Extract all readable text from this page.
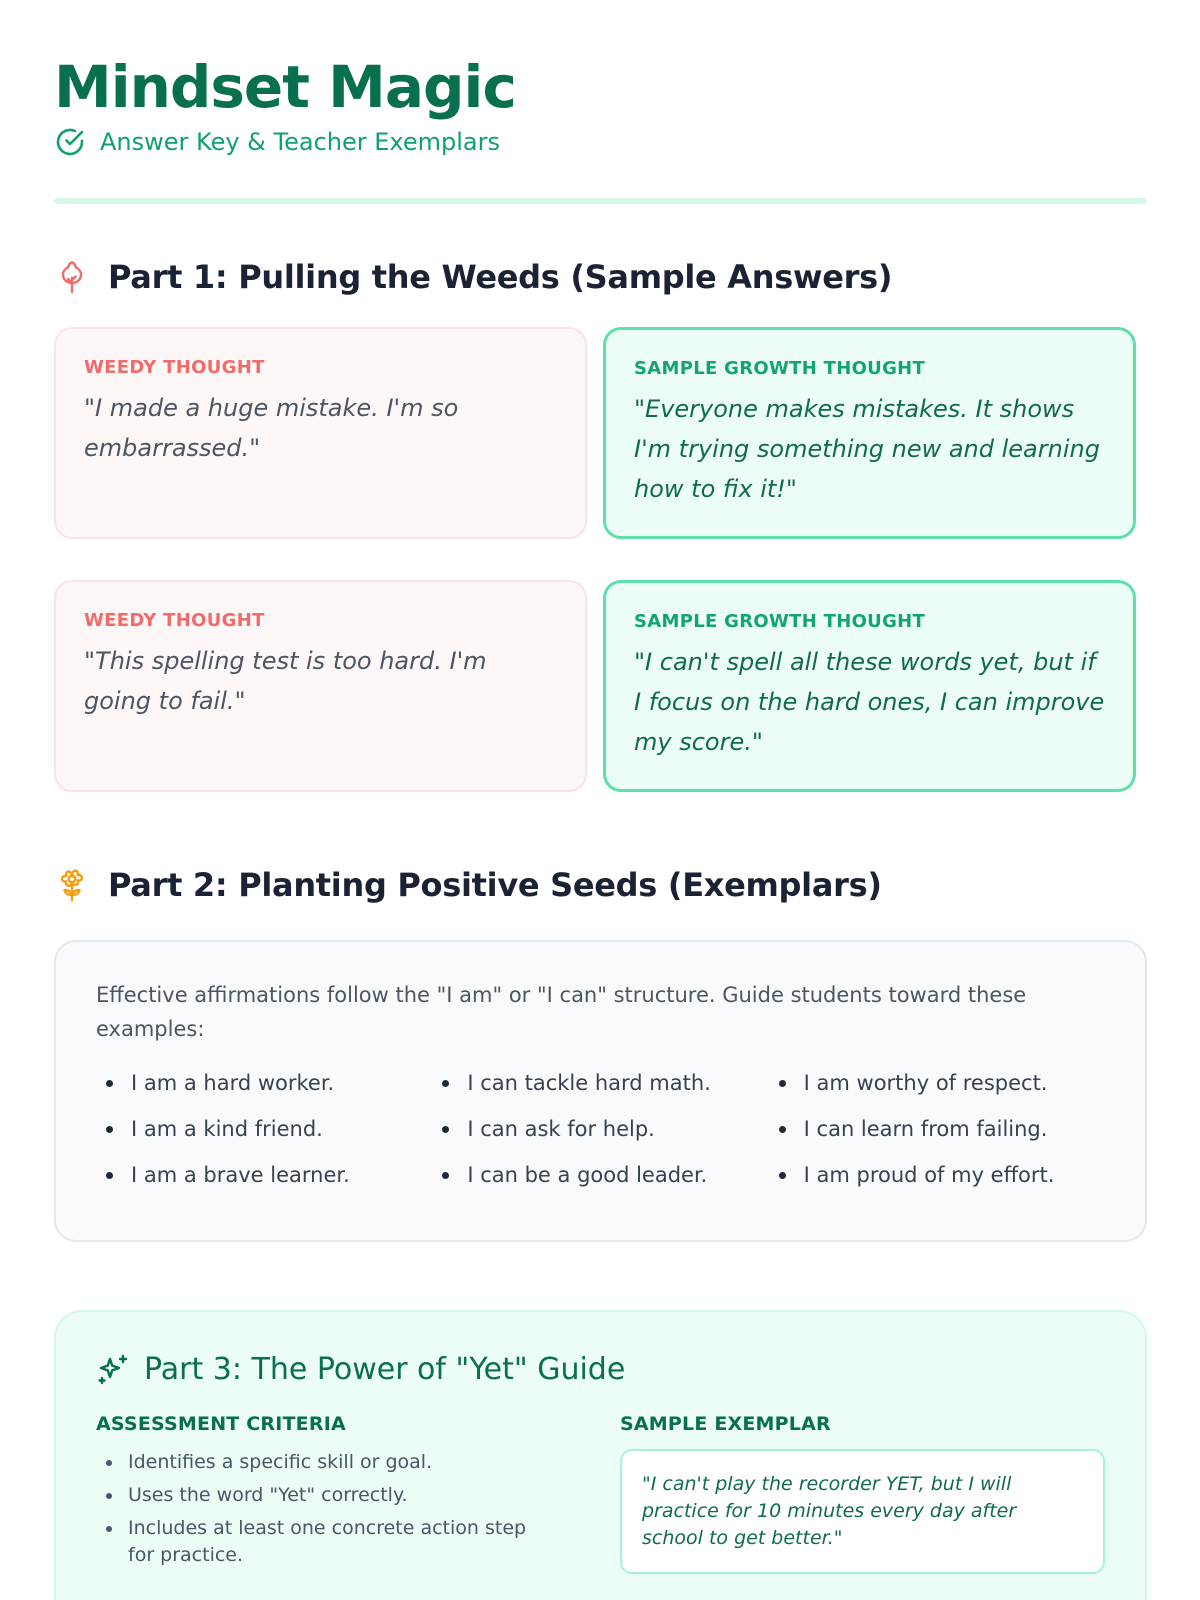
Mindset Magic
Answer Key & Teacher Exemplars
Part 1: Pulling the Weeds (Sample Answers)
WEEDY THOUGHT
"I made a huge mistake. I'm so embarrassed."
SAMPLE GROWTH THOUGHT
"Everyone makes mistakes. It shows I'm trying something new and learning how to fix it!"
WEEDY THOUGHT
"This spelling test is too hard. I'm going to fail."
SAMPLE GROWTH THOUGHT
"I can't spell all these words yet, but if I focus on the hard ones, I can improve my score."
Part 2: Planting Positive Seeds (Exemplars)
Effective affirmations follow the "I am" or "I can" structure. Guide students toward these examples:
I am a hard worker.
I am a kind friend.
I am a brave learner.
I can tackle hard math.
I can ask for help.
I can be a good leader.
I am worthy of respect.
I can learn from failing.
I am proud of my effort.
Part 3: The Power of "Yet" Guide
ASSESSMENT CRITERIA
Identifies a specific skill or goal.
Uses the word "Yet" correctly.
Includes at least one concrete action step for practice.
SAMPLE EXEMPLAR
"I can't play the recorder YET, but I will practice for 10 minutes every day after school to get better."
